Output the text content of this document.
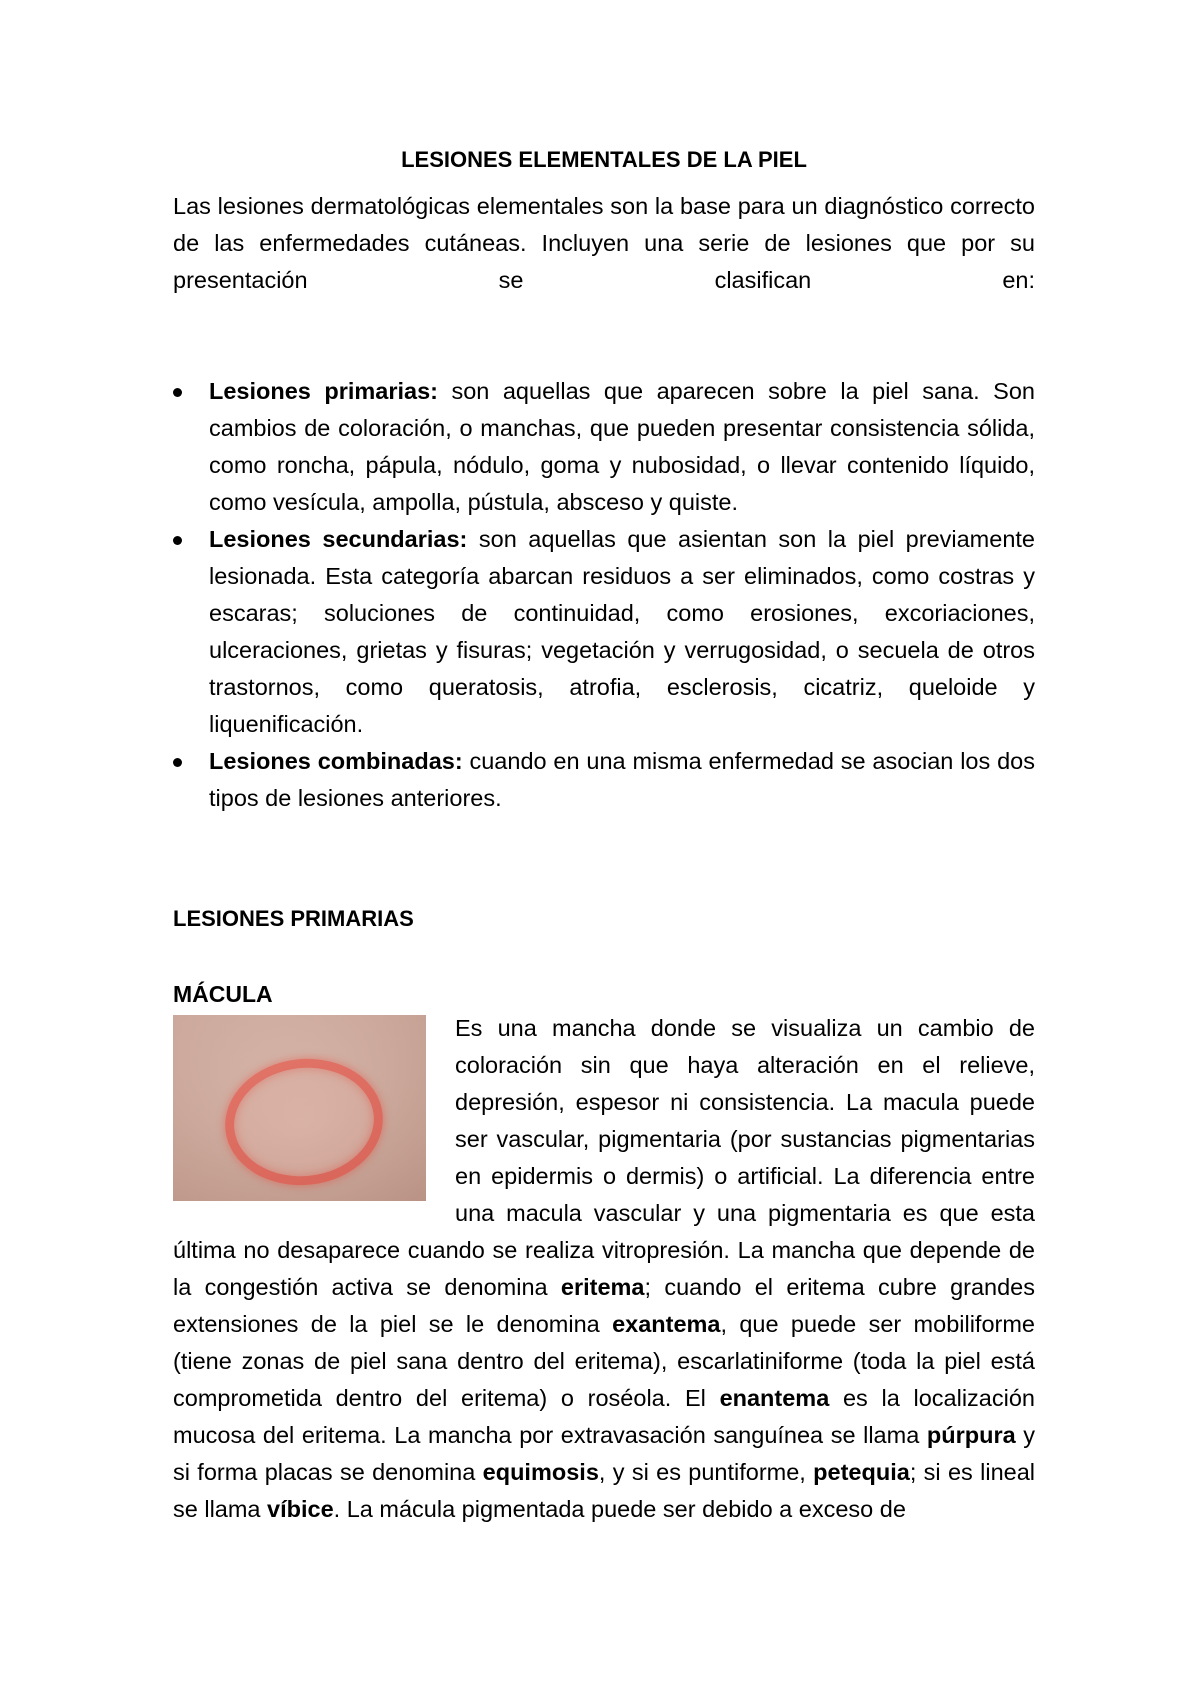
LESIONES ELEMENTALES DE LA PIEL

Las lesiones dermatológicas elementales son la base para un diagnóstico correcto de las enfermedades cutáneas. Incluyen una serie de lesiones que por su presentación se clasifican en:

Lesiones primarias: son aquellas que aparecen sobre la piel sana. Son cambios de coloración, o manchas, que pueden presentar consistencia sólida, como roncha, pápula, nódulo, goma y nubosidad, o llevar contenido líquido, como vesícula, ampolla, pústula, absceso y quiste.
Lesiones secundarias: son aquellas que asientan son la piel previamente lesionada. Esta categoría abarcan residuos a ser eliminados, como costras y escaras; soluciones de continuidad, como erosiones, excoriaciones, ulceraciones, grietas y fisuras; vegetación y verrugosidad, o secuela de otros trastornos, como queratosis, atrofia, esclerosis, cicatriz, queloide y liquenificación.
Lesiones combinadas: cuando en una misma enfermedad se asocian los dos tipos de lesiones anteriores.
LESIONES PRIMARIAS
MÁCULA
Es una mancha donde se visualiza un cambio de coloración sin que haya alteración en el relieve, depresión, espesor ni consistencia. La macula puede ser vascular, pigmentaria (por sustancias pigmentarias en epidermis o dermis) o artificial. La diferencia entre una macula vascular y una pigmentaria es que esta última no desaparece cuando se realiza vitropresión. La mancha que depende de la congestión activa se denomina eritema; cuando el eritema cubre grandes extensiones de la piel se le denomina exantema, que puede ser mobiliforme (tiene zonas de piel sana dentro del eritema), escarlatiniforme (toda la piel está comprometida dentro del eritema) o roséola. El enantema es la localización mucosa del eritema. La mancha por extravasación sanguínea se llama púrpura y si forma placas se denomina equimosis, y si es puntiforme, petequia; si es lineal se llama víbice. La mácula pigmentada puede ser debido a exceso de
